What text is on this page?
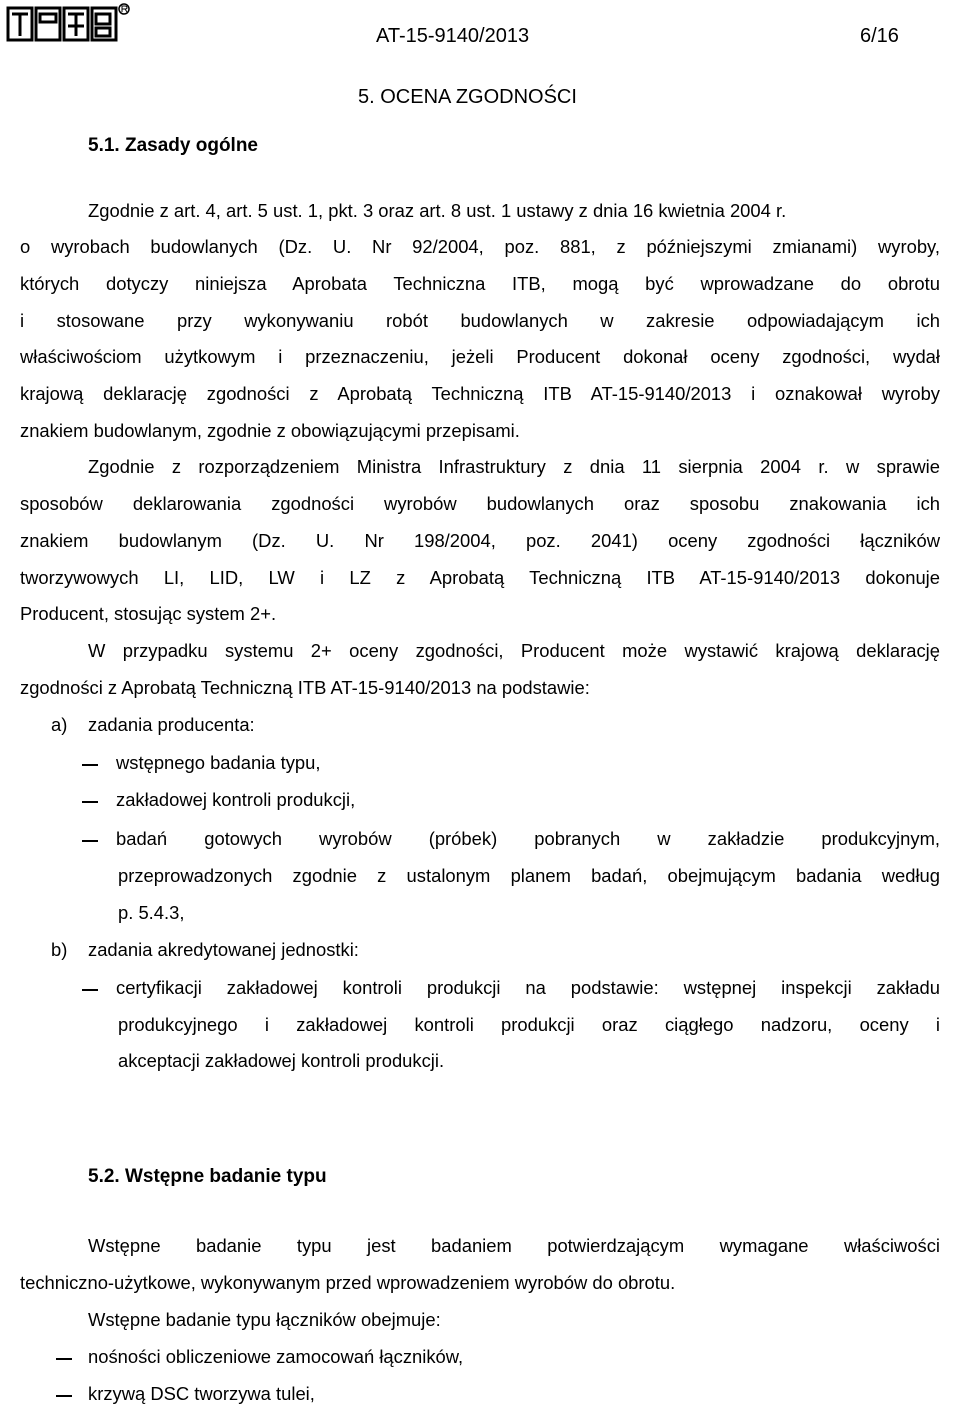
AT-15-9140/2013	6/16
5. OCENA ZGODNOŚCI
5.1. Zasady ogólne
Zgodnie z art. 4, art. 5 ust. 1, pkt. 3 oraz art. 8 ust. 1 ustawy z dnia 16 kwietnia 2004 r.
o wyrobach budowlanych (Dz. U. Nr 92/2004, poz. 881, z późniejszymi zmianami) wyroby,
których dotyczy niniejsza Aprobata Techniczna ITB, mogą być wprowadzane do obrotu
i stosowane przy wykonywaniu robót budowlanych w zakresie odpowiadającym ich
właściwościom użytkowym i przeznaczeniu, jeżeli Producent dokonał oceny zgodności, wydał
krajową deklarację zgodności z Aprobatą Techniczną ITB AT-15-9140/2013 i oznakował wyroby
znakiem budowlanym, zgodnie z obowiązującymi przepisami.
Zgodnie z rozporządzeniem Ministra Infrastruktury z dnia 11 sierpnia 2004 r. w sprawie
sposobów deklarowania zgodności wyrobów budowlanych oraz sposobu znakowania ich
znakiem budowlanym (Dz. U. Nr 198/2004, poz. 2041) oceny zgodności łączników
tworzywowych LI, LID, LW i LZ z Aprobatą Techniczną ITB AT-15-9140/2013 dokonuje
Producent, stosując system 2+.
W przypadku systemu 2+ oceny zgodności, Producent może wystawić krajową deklarację
zgodności z Aprobatą Techniczną ITB AT-15-9140/2013 na podstawie:
a) zadania producenta:
wstępnego badania typu,
zakładowej kontroli produkcji,
badań gotowych wyrobów (próbek) pobranych w zakładzie produkcyjnym,
przeprowadzonych zgodnie z ustalonym planem badań, obejmującym badania według
p. 5.4.3,
b) zadania akredytowanej jednostki:
certyfikacji zakładowej kontroli produkcji na podstawie: wstępnej inspekcji zakładu
produkcyjnego i zakładowej kontroli produkcji oraz ciągłego nadzoru, oceny i
akceptacji zakładowej kontroli produkcji.
5.2. Wstępne badanie typu
Wstępne badanie typu jest badaniem potwierdzającym wymagane właściwości
techniczno-użytkowe, wykonywanym przed wprowadzeniem wyrobów do obrotu.
Wstępne badanie typu łączników obejmuje:
nośności obliczeniowe zamocowań łączników,
krzywą DSC tworzywa tulei,
